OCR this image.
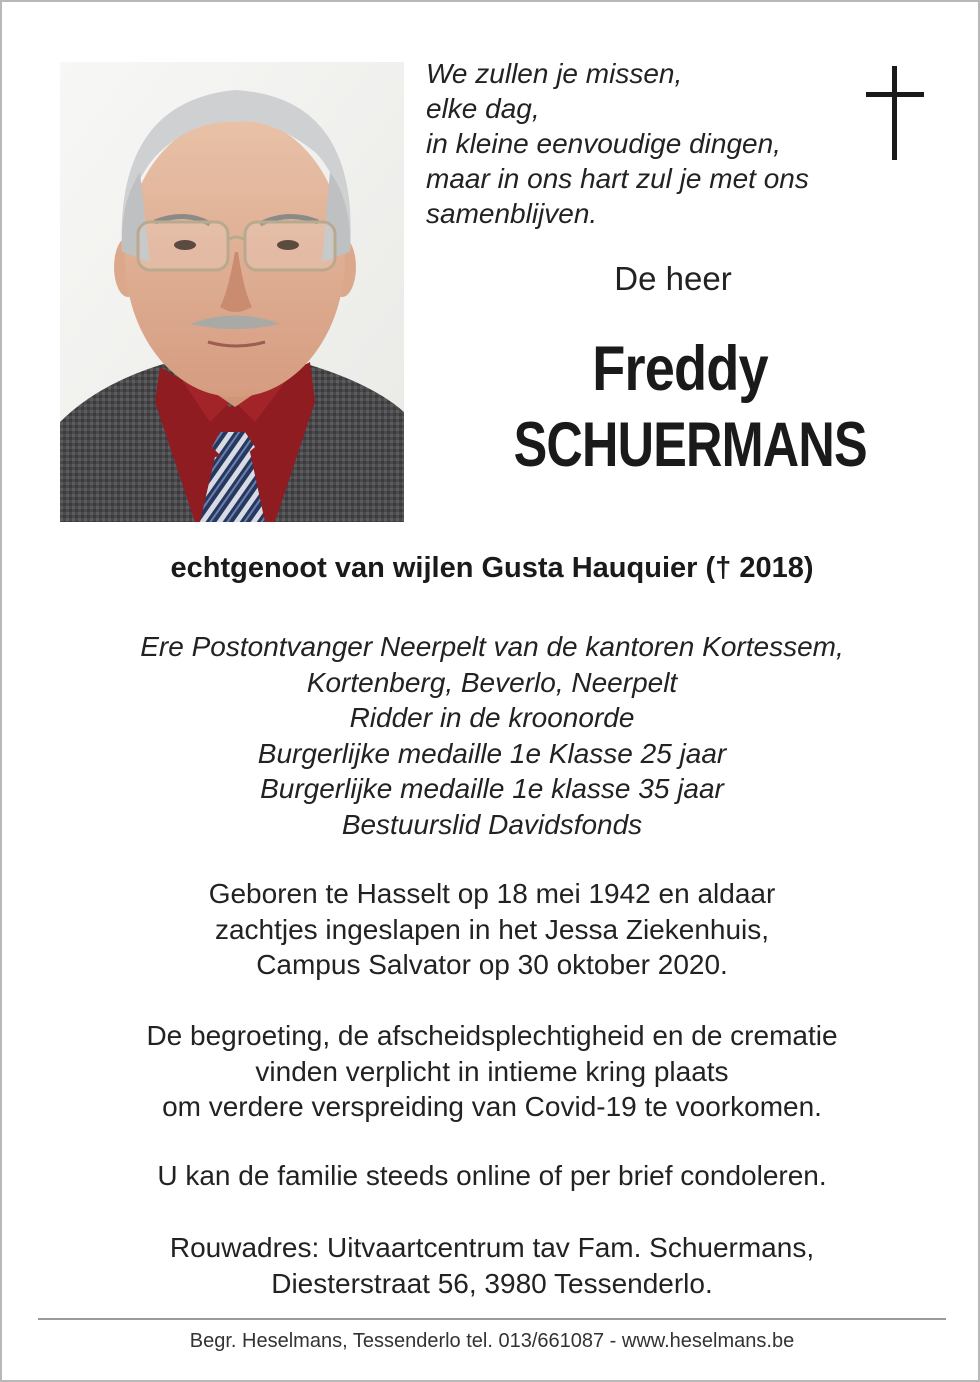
We zullen je missen,
elke dag,
in kleine eenvoudige dingen,
maar in ons hart zul je met ons
samenblijven.
De heer
Freddy
SCHUERMANS
echtgenoot van wijlen Gusta Hauquier († 2018)
Ere Postontvanger Neerpelt van de kantoren Kortessem,
Kortenberg, Beverlo, Neerpelt
Ridder in de kroonorde
Burgerlijke medaille 1e Klasse 25 jaar
Burgerlijke medaille 1e klasse 35 jaar
Bestuurslid Davidsfonds
Geboren te Hasselt op 18 mei 1942 en aldaar
zachtjes ingeslapen in het Jessa Ziekenhuis,
Campus Salvator op 30 oktober 2020.
De begroeting, de afscheidsplechtigheid en de crematie
vinden verplicht in intieme kring plaats
om verdere verspreiding van Covid-19 te voorkomen.
U kan de familie steeds online of per brief condoleren.
Rouwadres: Uitvaartcentrum tav Fam. Schuermans,
Diesterstraat 56, 3980 Tessenderlo.
Begr. Heselmans, Tessenderlo tel. 013/661087 - www.heselmans.be
